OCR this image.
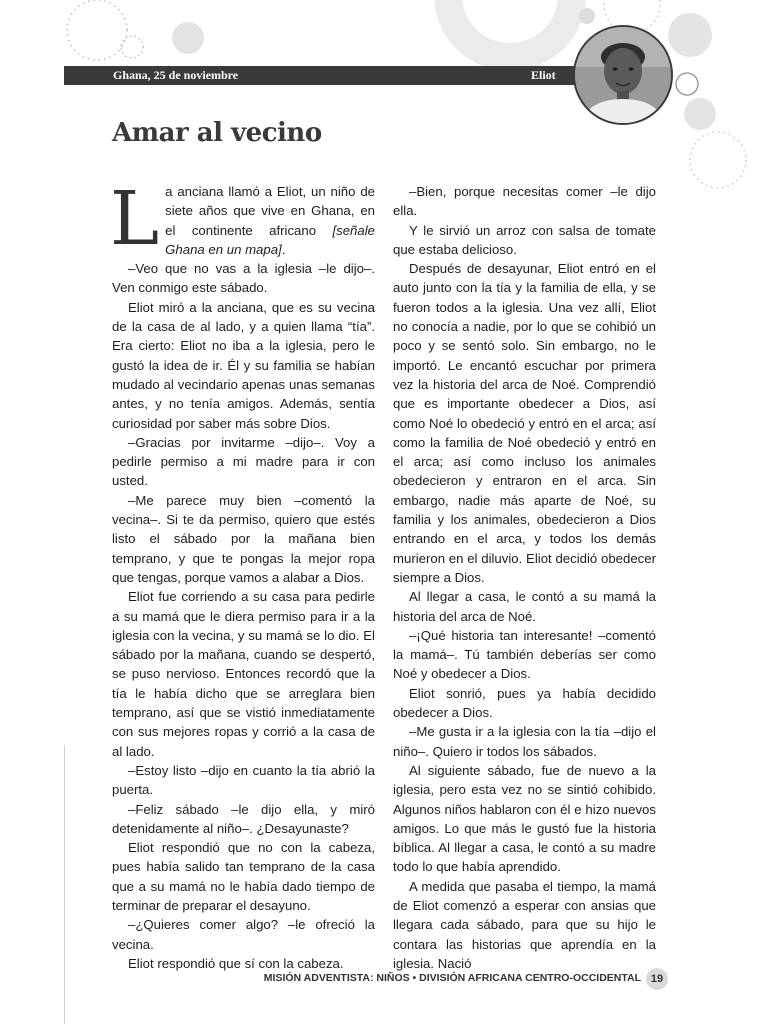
Ghana, 25 de noviembre	Eliot
Amar al vecino

La anciana llamó a Eliot, un niño de siete años que vive en Ghana, en el continente africano [señale Ghana en un mapa].

–Veo que no vas a la iglesia –le dijo–. Ven conmigo este sábado.

Eliot miró a la anciana, que es su vecina de la casa de al lado, y a quien llama “tía”. Era cierto: Eliot no iba a la iglesia, pero le gustó la idea de ir. Él y su familia se habían mudado al vecindario apenas unas semanas antes, y no tenía amigos. Además, sentía curiosidad por saber más sobre Dios.

–Gracias por invitarme –dijo–. Voy a pedirle permiso a mi madre para ir con usted.

–Me parece muy bien –comentó la vecina–. Si te da permiso, quiero que estés listo el sábado por la mañana bien temprano, y que te pongas la mejor ropa que tengas, porque vamos a alabar a Dios.

Eliot fue corriendo a su casa para pedirle a su mamá que le diera permiso para ir a la iglesia con la vecina, y su mamá se lo dio. El sábado por la mañana, cuando se despertó, se puso nervioso. Entonces recordó que la tía le había dicho que se arreglara bien temprano, así que se vistió inmediatamente con sus mejores ropas y corrió a la casa de al lado.

–Estoy listo –dijo en cuanto la tía abrió la puerta.

–Feliz sábado –le dijo ella, y miró detenidamente al niño–. ¿Desayunaste?

Eliot respondió que no con la cabeza, pues había salido tan temprano de la casa que a su mamá no le había dado tiempo de terminar de preparar el desayuno.

–¿Quieres comer algo? –le ofreció la vecina.

Eliot respondió que sí con la cabeza.

–Bien, porque necesitas comer –le dijo ella.

Y le sirvió un arroz con salsa de tomate que estaba delicioso.

Después de desayunar, Eliot entró en el auto junto con la tía y la familia de ella, y se fueron todos a la iglesia. Una vez allí, Eliot no conocía a nadie, por lo que se cohibió un poco y se sentó solo. Sin embargo, no le importó. Le encantó escuchar por primera vez la historia del arca de Noé. Comprendió que es importante obedecer a Dios, así como Noé lo obedeció y entró en el arca; así como la familia de Noé obedeció y entró en el arca; así como incluso los animales obedecieron y entraron en el arca. Sin embargo, nadie más aparte de Noé, su familia y los animales, obedecieron a Dios entrando en el arca, y todos los demás murieron en el diluvio. Eliot decidió obedecer siempre a Dios.

Al llegar a casa, le contó a su mamá la historia del arca de Noé.

–¡Qué historia tan interesante! –comentó la mamá–. Tú también deberías ser como Noé y obedecer a Dios.

Eliot sonrió, pues ya había decidido obedecer a Dios.

–Me gusta ir a la iglesia con la tía –dijo el niño–. Quiero ir todos los sábados.

Al siguiente sábado, fue de nuevo a la iglesia, pero esta vez no se sintió cohibido. Algunos niños hablaron con él e hizo nuevos amigos. Lo que más le gustó fue la historia bíblica. Al llegar a casa, le contó a su madre todo lo que había aprendido.

A medida que pasaba el tiempo, la mamá de Eliot comenzó a esperar con ansias que llegara cada sábado, para que su hijo le contara las historias que aprendía en la iglesia. Nació

MISIÓN ADVENTISTA: NIÑOS • DIVISIÓN AFRICANA CENTRO-OCCIDENTAL 19
